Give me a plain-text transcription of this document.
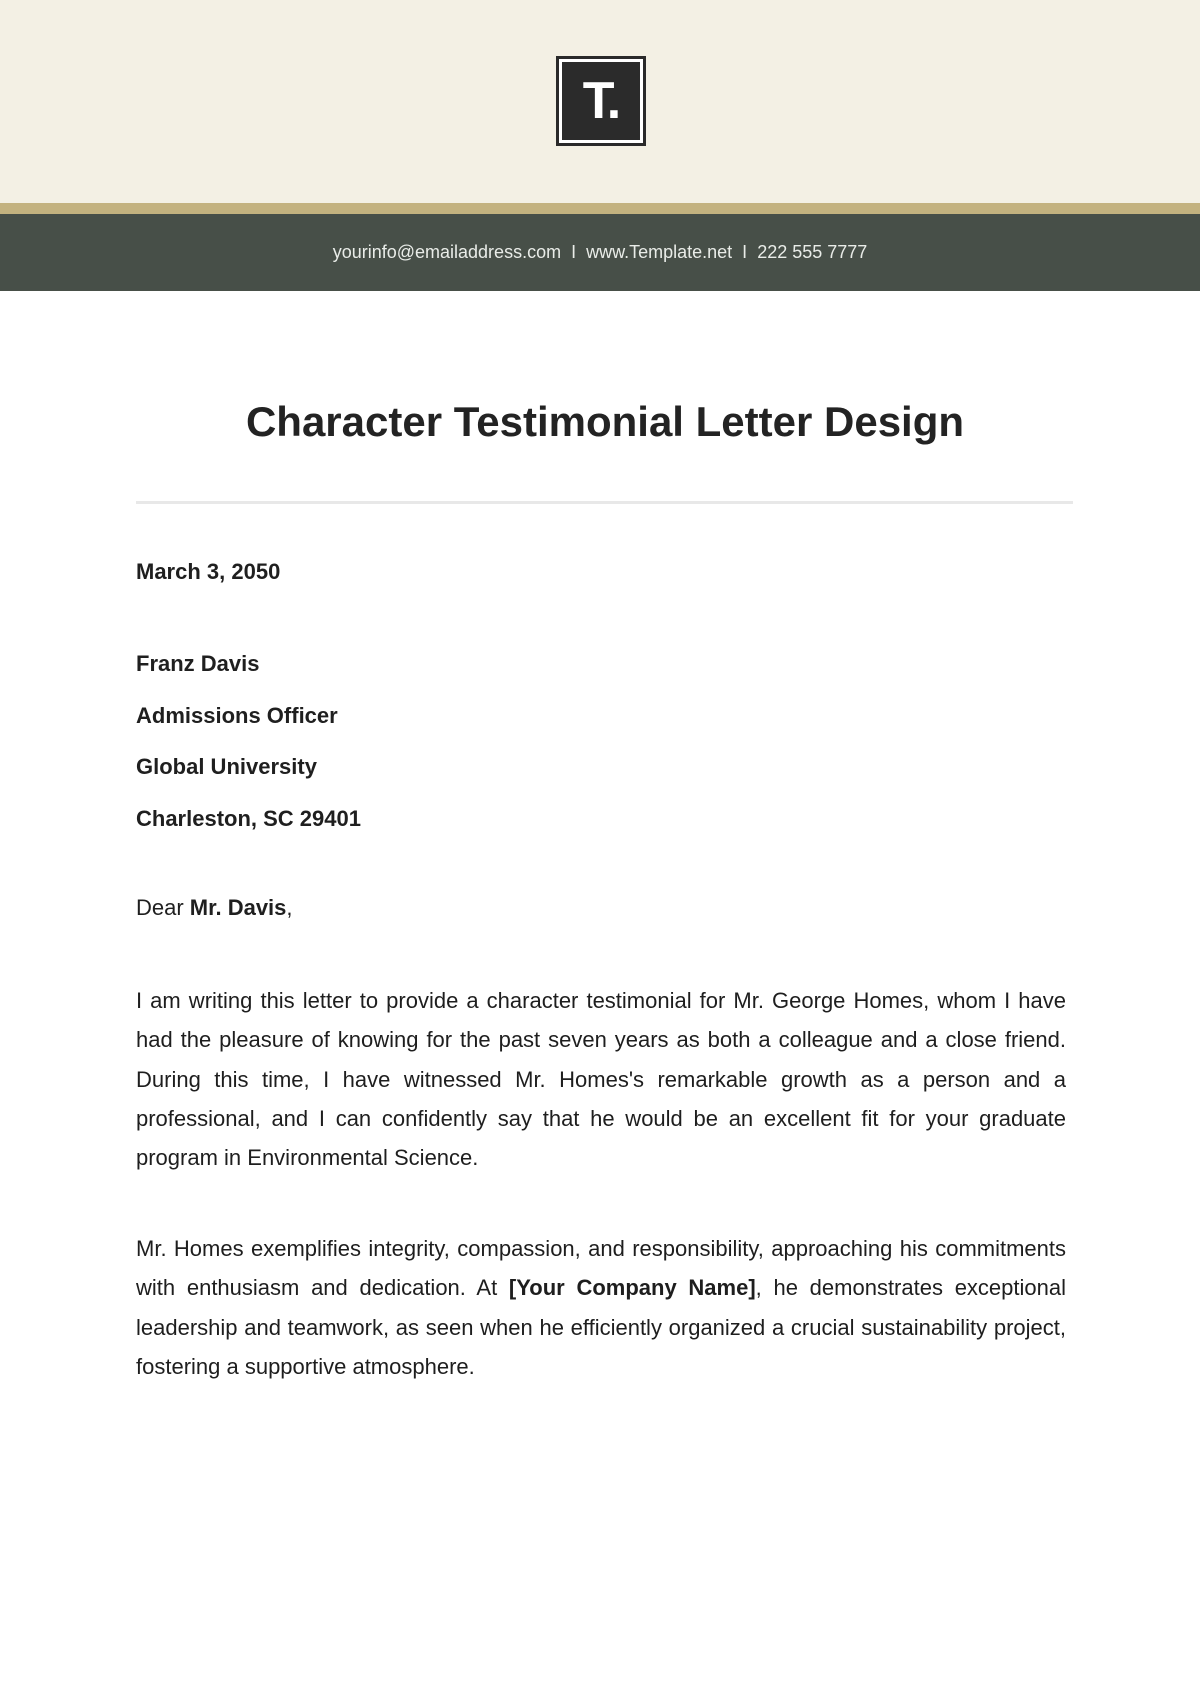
T.
yourinfo@emailaddress.com I www.Template.net I 222 555 7777
Character Testimonial Letter Design
March 3, 2050
Franz Davis
Admissions Officer
Global University
Charleston, SC 29401
Dear Mr. Davis,

I am writing this letter to provide a character testimonial for Mr. George Homes, whom I have had the pleasure of knowing for the past seven years as both a colleague and a close friend. During this time, I have witnessed Mr. Homes's remarkable growth as a person and a professional, and I can confidently say that he would be an excellent fit for your graduate program in Environmental Science.

Mr. Homes exemplifies integrity, compassion, and responsibility, approaching his commitments with enthusiasm and dedication. At [Your Company Name], he demonstrates exceptional leadership and teamwork, as seen when he efficiently organized a crucial sustainability project, fostering a supportive atmosphere.
